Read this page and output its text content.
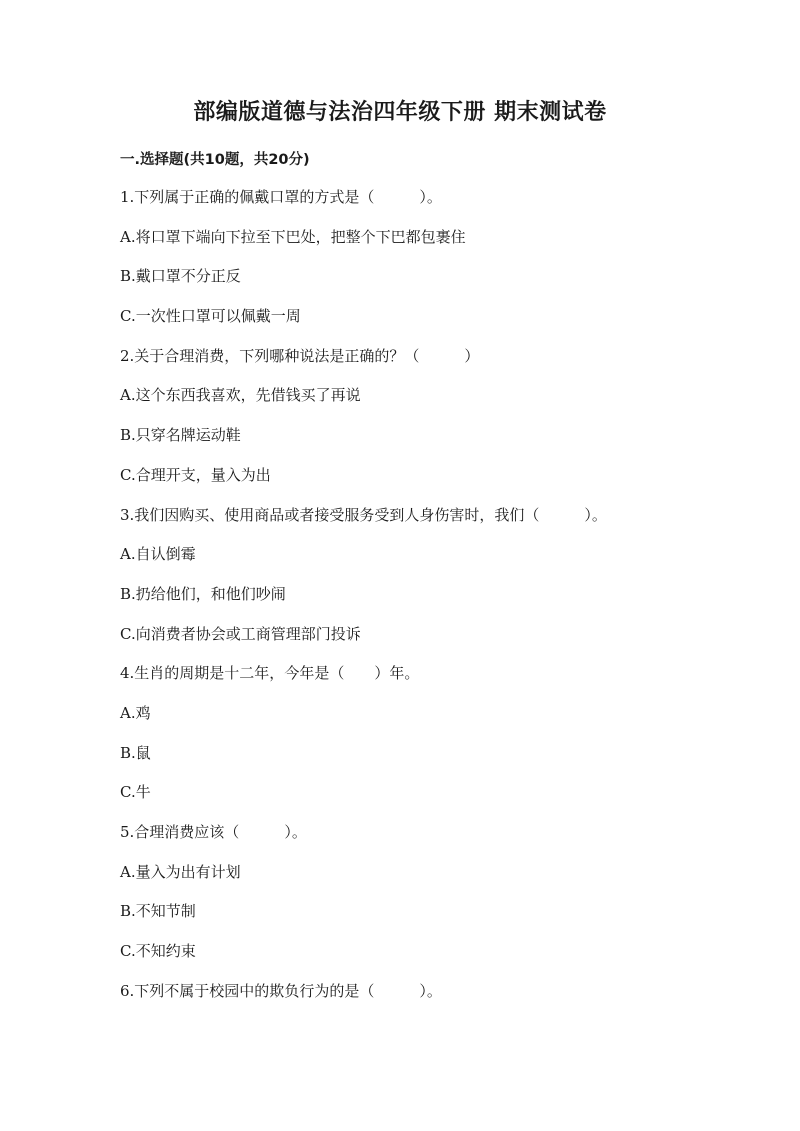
部编版道德与法治四年级下册 期末测试卷
一.选择题(共10题，共20分)
1.下列属于正确的佩戴口罩的方式是（　　　）。
A.将口罩下端向下拉至下巴处，把整个下巴都包裹住
B.戴口罩不分正反
C.一次性口罩可以佩戴一周
2.关于合理消费，下列哪种说法是正确的？（　　　）
A.这个东西我喜欢，先借钱买了再说
B.只穿名牌运动鞋
C.合理开支，量入为出
3.我们因购买、使用商品或者接受服务受到人身伤害时，我们（　　　）。
A.自认倒霉
B.扔给他们，和他们吵闹
C.向消费者协会或工商管理部门投诉
4.生肖的周期是十二年，今年是（　　）年。
A.鸡
B.鼠
C.牛
5.合理消费应该（　　　）。
A.量入为出有计划
B.不知节制
C.不知约束
6.下列不属于校园中的欺负行为的是（　　　）。
